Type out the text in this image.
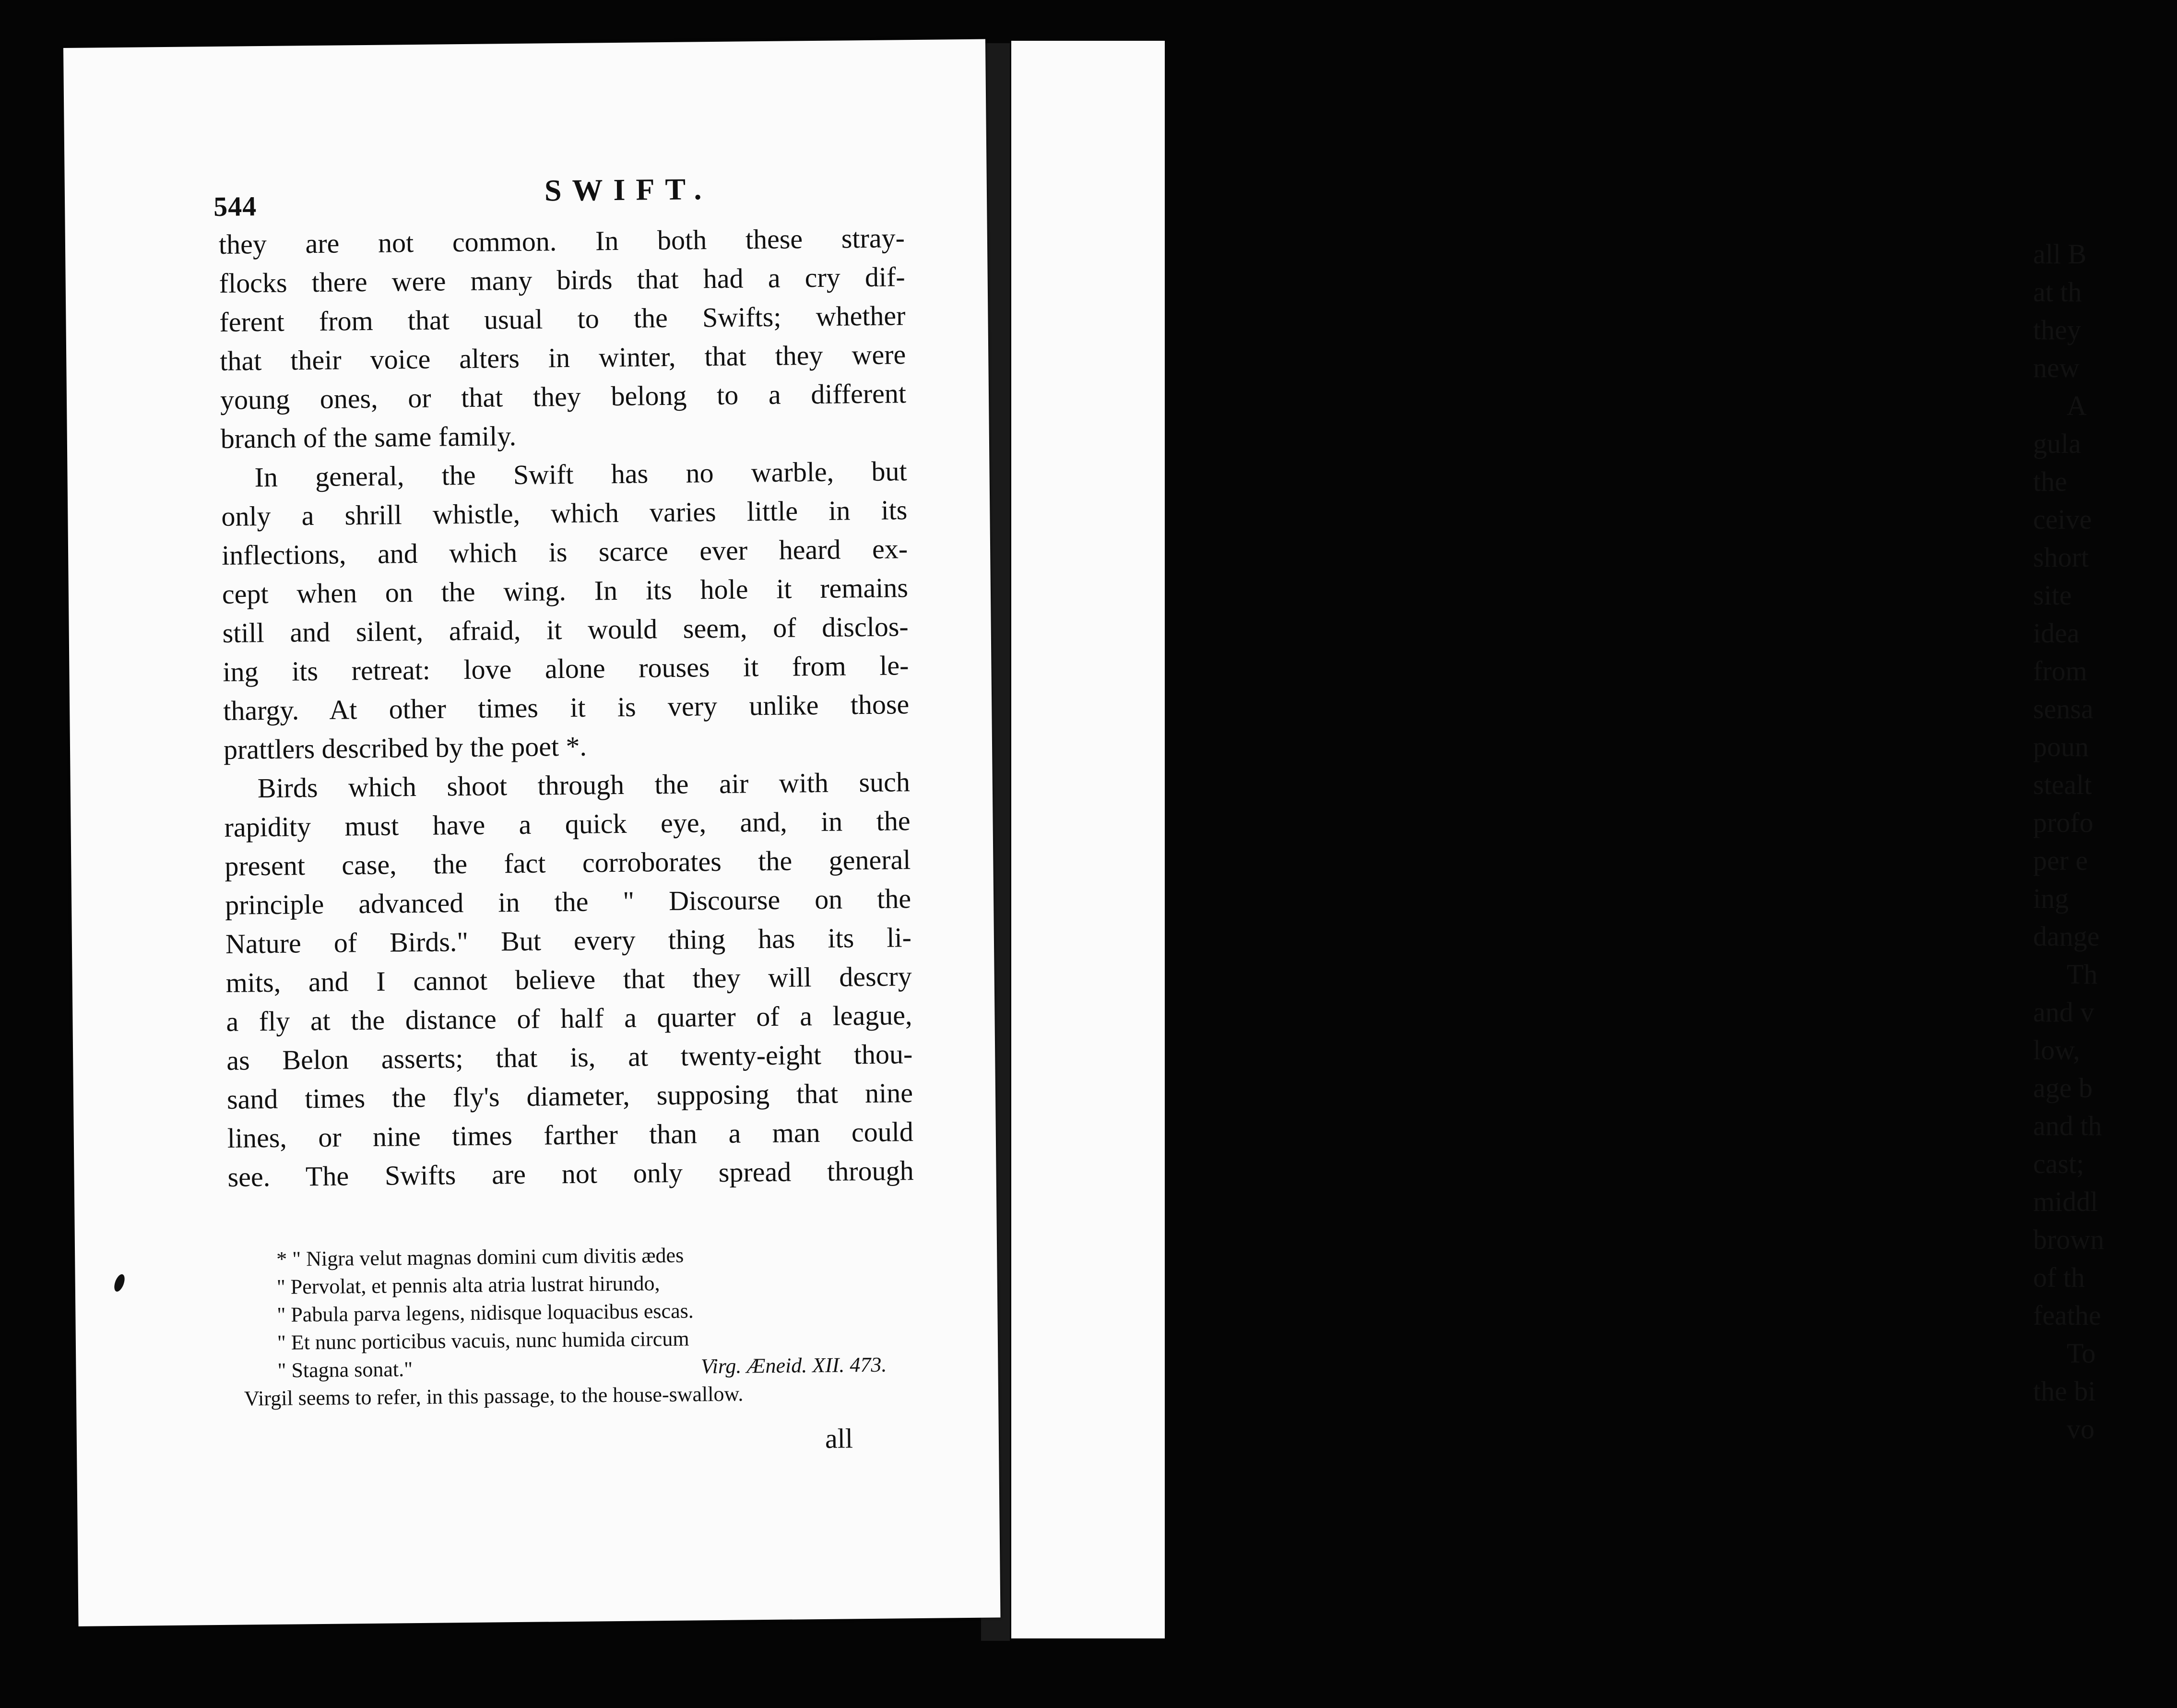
all B
at th
they
new
A
gula
the
ceive
short
site
idea
from
sensa
poun
stealt
profo
per e
ing
dange
Th
and v
low,
age b
and th
cast;
middl
brown
of th
feathe
To
the bi
vo
544	SWIFT.
they are not common. In both these stray-
flocks there were many birds that had a cry dif-
ferent from that usual to the Swifts; whether
that their voice alters in winter, that they were
young ones, or that they belong to a different
branch of the same family.
In general, the Swift has no warble, but
only a shrill whistle, which varies little in its
inflections, and which is scarce ever heard ex-
cept when on the wing. In its hole it remains
still and silent, afraid, it would seem, of disclos-
ing its retreat: love alone rouses it from le-
thargy. At other times it is very unlike those
prattlers described by the poet *.
Birds which shoot through the air with such
rapidity must have a quick eye, and, in the
present case, the fact corroborates the general
principle advanced in the " Discourse on the
Nature of Birds." But every thing has its li-
mits, and I cannot believe that they will descry
a fly at the distance of half a quarter of a league,
as Belon asserts; that is, at twenty-eight thou-
sand times the fly's diameter, supposing that nine
lines, or nine times farther than a man could
see. The Swifts are not only spread through
* " Nigra velut magnas domini cum divitis ædes
" Pervolat, et pennis alta atria lustrat hirundo,
" Pabula parva legens, nidisque loquacibus escas.
" Et nunc porticibus vacuis, nunc humida circum
" Stagna sonat."	Virg. Æneid. XII. 473.
Virgil seems to refer, in this passage, to the house-swallow.
all
